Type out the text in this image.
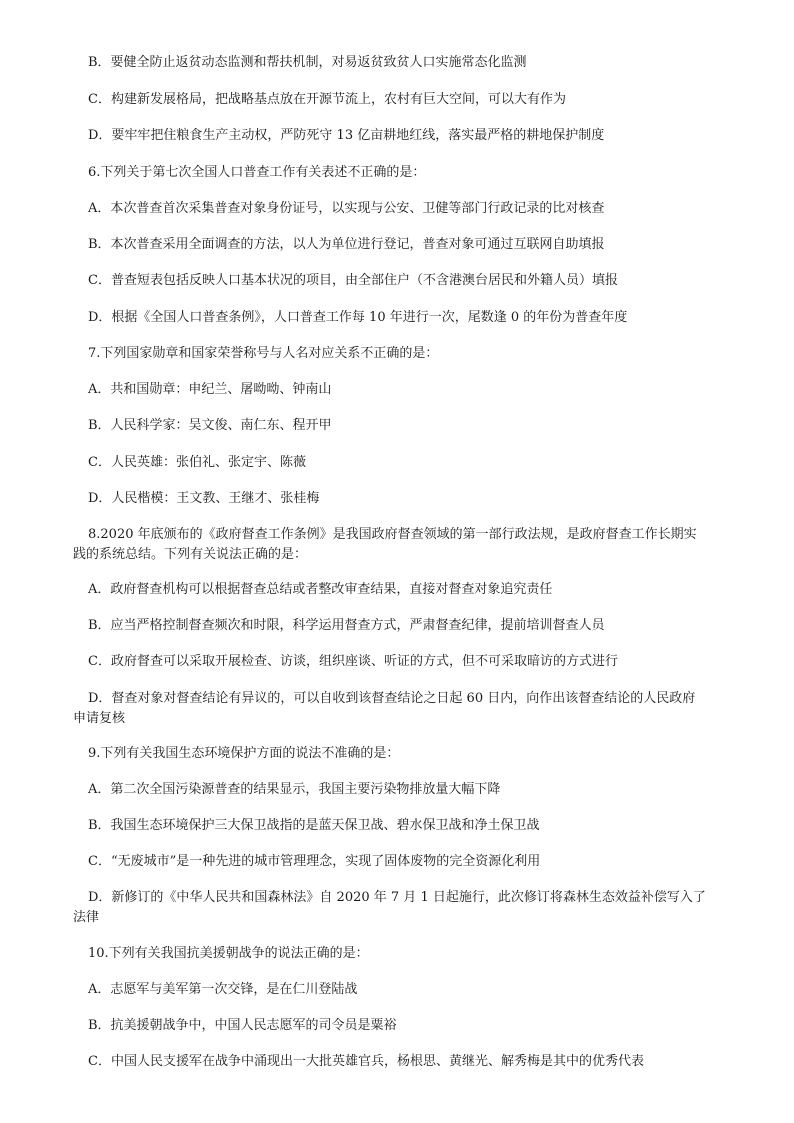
B．要健全防止返贫动态监测和帮扶机制，对易返贫致贫人口实施常态化监测
C．构建新发展格局，把战略基点放在开源节流上，农村有巨大空间，可以大有作为
D．要牢牢把住粮食生产主动权，严防死守 13 亿亩耕地红线，落实最严格的耕地保护制度
6.下列关于第七次全国人口普查工作有关表述不正确的是：
A．本次普查首次采集普查对象身份证号，以实现与公安、卫健等部门行政记录的比对核查
B．本次普查采用全面调查的方法，以人为单位进行登记，普查对象可通过互联网自助填报
C．普查短表包括反映人口基本状况的项目，由全部住户（不含港澳台居民和外籍人员）填报
D．根据《全国人口普查条例》，人口普查工作每 10 年进行一次，尾数逢 0 的年份为普查年度
7.下列国家勋章和国家荣誉称号与人名对应关系不正确的是：
A．共和国勋章：申纪兰、屠呦呦、钟南山
B．人民科学家：吴文俊、南仁东、程开甲
C．人民英雄：张伯礼、张定宇、陈薇
D．人民楷模：王文教、王继才、张桂梅
8.2020 年底颁布的《政府督查工作条例》是我国政府督查领域的第一部行政法规，是政府督查工作长期实
践的系统总结。下列有关说法正确的是：
A．政府督查机构可以根据督查总结或者整改审查结果，直接对督查对象追究责任
B．应当严格控制督查频次和时限，科学运用督查方式，严肃督查纪律，提前培训督查人员
C．政府督查可以采取开展检查、访谈，组织座谈、听证的方式，但不可采取暗访的方式进行
D．督查对象对督查结论有异议的，可以自收到该督查结论之日起 60 日内，向作出该督查结论的人民政府
申请复核
9.下列有关我国生态环境保护方面的说法不准确的是：
A．第二次全国污染源普查的结果显示，我国主要污染物排放量大幅下降
B．我国生态环境保护三大保卫战指的是蓝天保卫战、碧水保卫战和净土保卫战
C．“无废城市”是一种先进的城市管理理念，实现了固体废物的完全资源化利用
D．新修订的《中华人民共和国森林法》自 2020 年 7 月 1 日起施行，此次修订将森林生态效益补偿写入了
法律
10.下列有关我国抗美援朝战争的说法正确的是：
A．志愿军与美军第一次交锋，是在仁川登陆战
B．抗美援朝战争中，中国人民志愿军的司令员是粟裕
C．中国人民支援军在战争中涌现出一大批英雄官兵，杨根思、黄继光、解秀梅是其中的优秀代表
